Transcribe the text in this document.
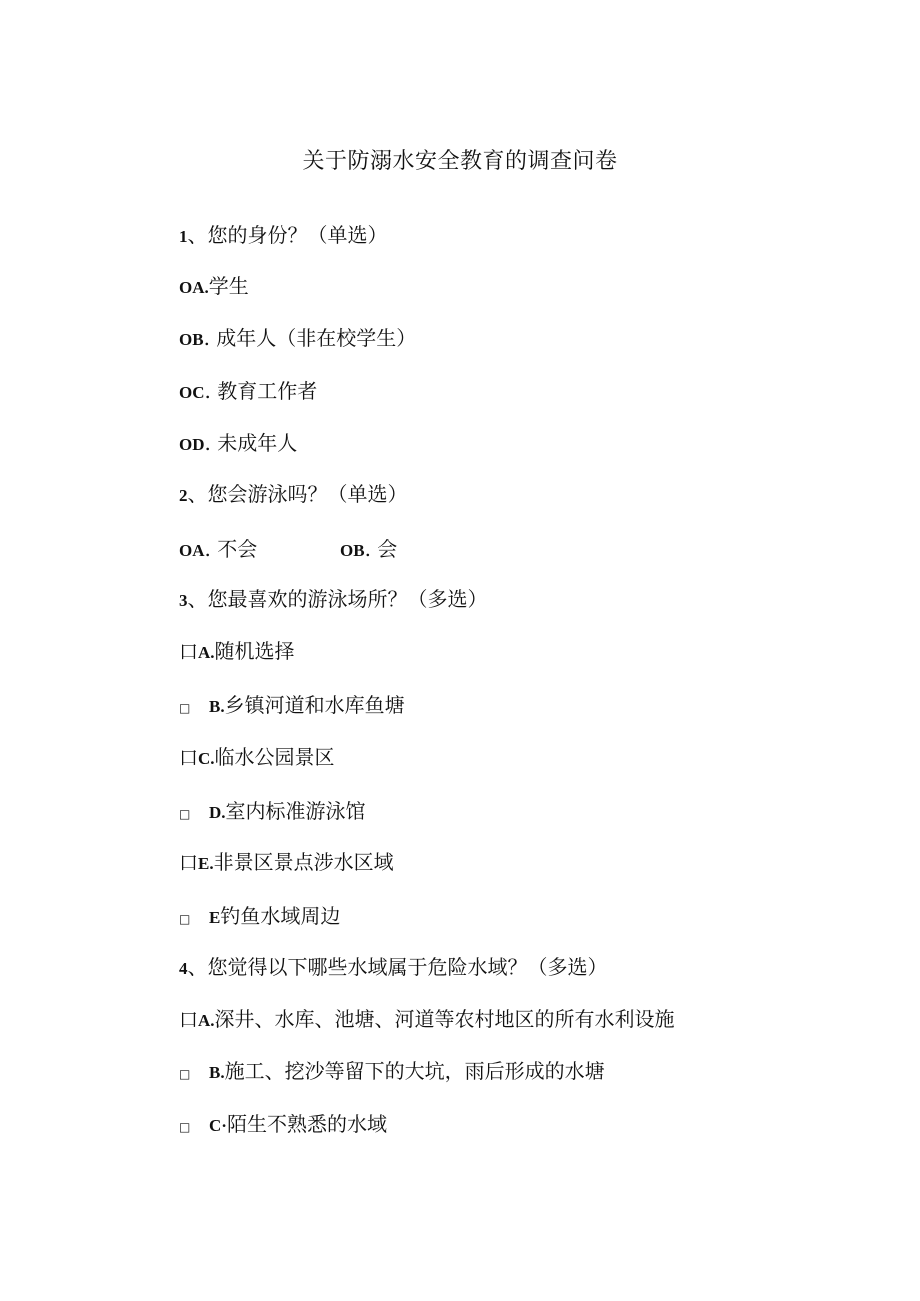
关于防溺水安全教育的调查问卷
1、您的身份？（单选）
OA.学生
OB. 成年人（非在校学生）
OC. 教育工作者
OD. 未成年人
2、您会游泳吗？（单选）
OA. 不会	OB. 会
3、您最喜欢的游泳场所？（多选）
口A.随机选择
□ B.乡镇河道和水库鱼塘
口C.临水公园景区
□ D.室内标准游泳馆
口E.非景区景点涉水区域
□ E钓鱼水域周边
4、您觉得以下哪些水域属于危险水域？（多选）
口A.深井、水库、池塘、河道等农村地区的所有水利设施
□ B.施工、挖沙等留下的大坑，雨后形成的水塘
□ C·陌生不熟悉的水域
